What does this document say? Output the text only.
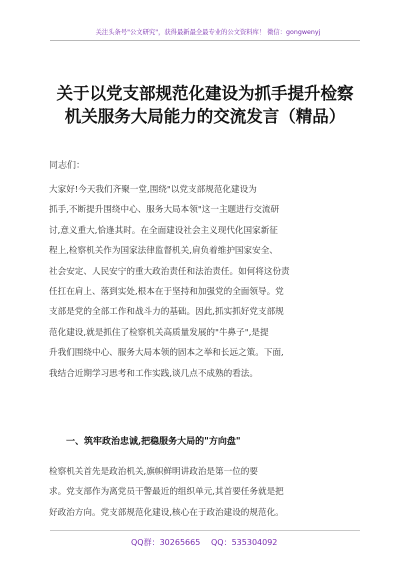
关注头条号"公文研究"，获得最新最全最专业的公文资料库！ 微信：gongwenyj
关于以党支部规范化建设为抓手提升检察
机关服务大局能力的交流发言（精品）
同志们：
大家好!今天我们齐聚一堂,围绕"以党支部规范化建设为
抓手,不断提升围绕中心、服务大局本领"这一主题进行交流研
讨,意义重大,恰逢其时。在全面建设社会主义现代化国家新征
程上,检察机关作为国家法律监督机关,肩负着维护国家安全、
社会安定、人民安宁的重大政治责任和法治责任。如何将这份责
任扛在肩上、落到实处,根本在于坚持和加强党的全面领导。党
支部是党的全部工作和战斗力的基础。因此,抓实抓好党支部规
范化建设,就是抓住了检察机关高质量发展的"牛鼻子",是提
升我们围绕中心、服务大局本领的固本之举和长远之策。下面,
我结合近期学习思考和工作实践,谈几点不成熟的看法。
一、筑牢政治忠诚,把稳服务大局的"方向盘"
检察机关首先是政治机关,旗帜鲜明讲政治是第一位的要
求。党支部作为离党员干警最近的组织单元,其首要任务就是把
好政治方向。党支部规范化建设,核心在于政治建设的规范化。
QQ群：30265665 QQ：535304092
